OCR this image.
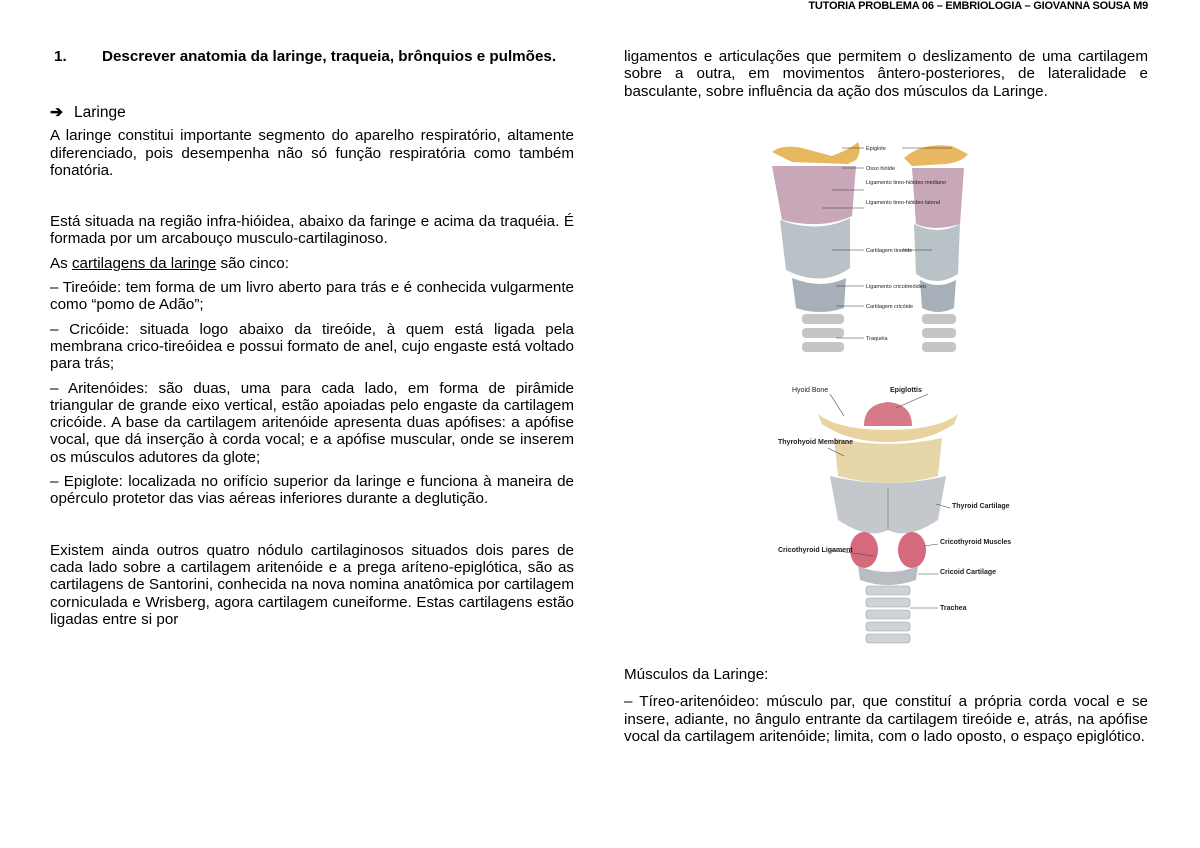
TUTORIA PROBLEMA 06 – EMBRIOLOGIA – GIOVANNA SOUSA M9
1. Descrever anatomia da laringe, traqueia, brônquios e pulmões.
➔ Laringe

A laringe constitui importante segmento do aparelho respiratório, altamente diferenciado, pois desempenha não só função respiratória como também fonatória.

Está situada na região infra-hióidea, abaixo da faringe e acima da traquéia. É formada por um arcabouço musculo-cartilaginoso.

As cartilagens da laringe são cinco:

– Tireóide: tem forma de um livro aberto para trás e é conhecida vulgarmente como “pomo de Adão”;

– Cricóide: situada logo abaixo da tireóide, à quem está ligada pela membrana crico-tireóidea e possui formato de anel, cujo engaste está voltado para trás;

– Aritenóides: são duas, uma para cada lado, em forma de pirâmide triangular de grande eixo vertical, estão apoiadas pelo engaste da cartilagem cricóide. A base da cartilagem aritenóide apresenta duas apófises: a apófise vocal, que dá inserção à corda vocal; e a apófise muscular, onde se inserem os músculos adutores da glote;

– Epiglote: localizada no orifício superior da laringe e funciona à maneira de opérculo protetor das vias aéreas inferiores durante a deglutição.

Existem ainda outros quatro nódulo cartilaginosos situados dois pares de cada lado sobre a cartilagem aritenóide e a prega aríteno-epiglótica, são as cartilagens de Santorini, conhecida na nova nomina anatômica por cartilagem corniculada e Wrisberg, agora cartilagem cuneiforme. Estas cartilagens estão ligadas entre si por

ligamentos e articulações que permitem o deslizamento de uma cartilagem sobre a outra, em movimentos ântero-posteriores, de lateralidade e basculante, sobre influência da ação dos músculos da Laringe.

Epiglote
Osso hióide
Ligamento tireo-hióideo mediano
Ligamento tireo-hióideo lateral
Cartilagem tireóide
Ligamento cricotireóideo
Cartilagem cricóide
Traquéia
Hyoid Bone	Epiglottis
Thyrohyoid Membrane
Thyroid Cartilage
Cricothyroid Ligament
Cricothyroid Muscles
Cricoid Cartilage
Trachea

Músculos da Laringe:

– Tíreo-aritenóideo: músculo par, que constituí a própria corda vocal e se insere, adiante, no ângulo entrante da cartilagem tireóide e, atrás, na apófise vocal da cartilagem aritenóide; limita, com o lado oposto, o espaço epiglótico.
